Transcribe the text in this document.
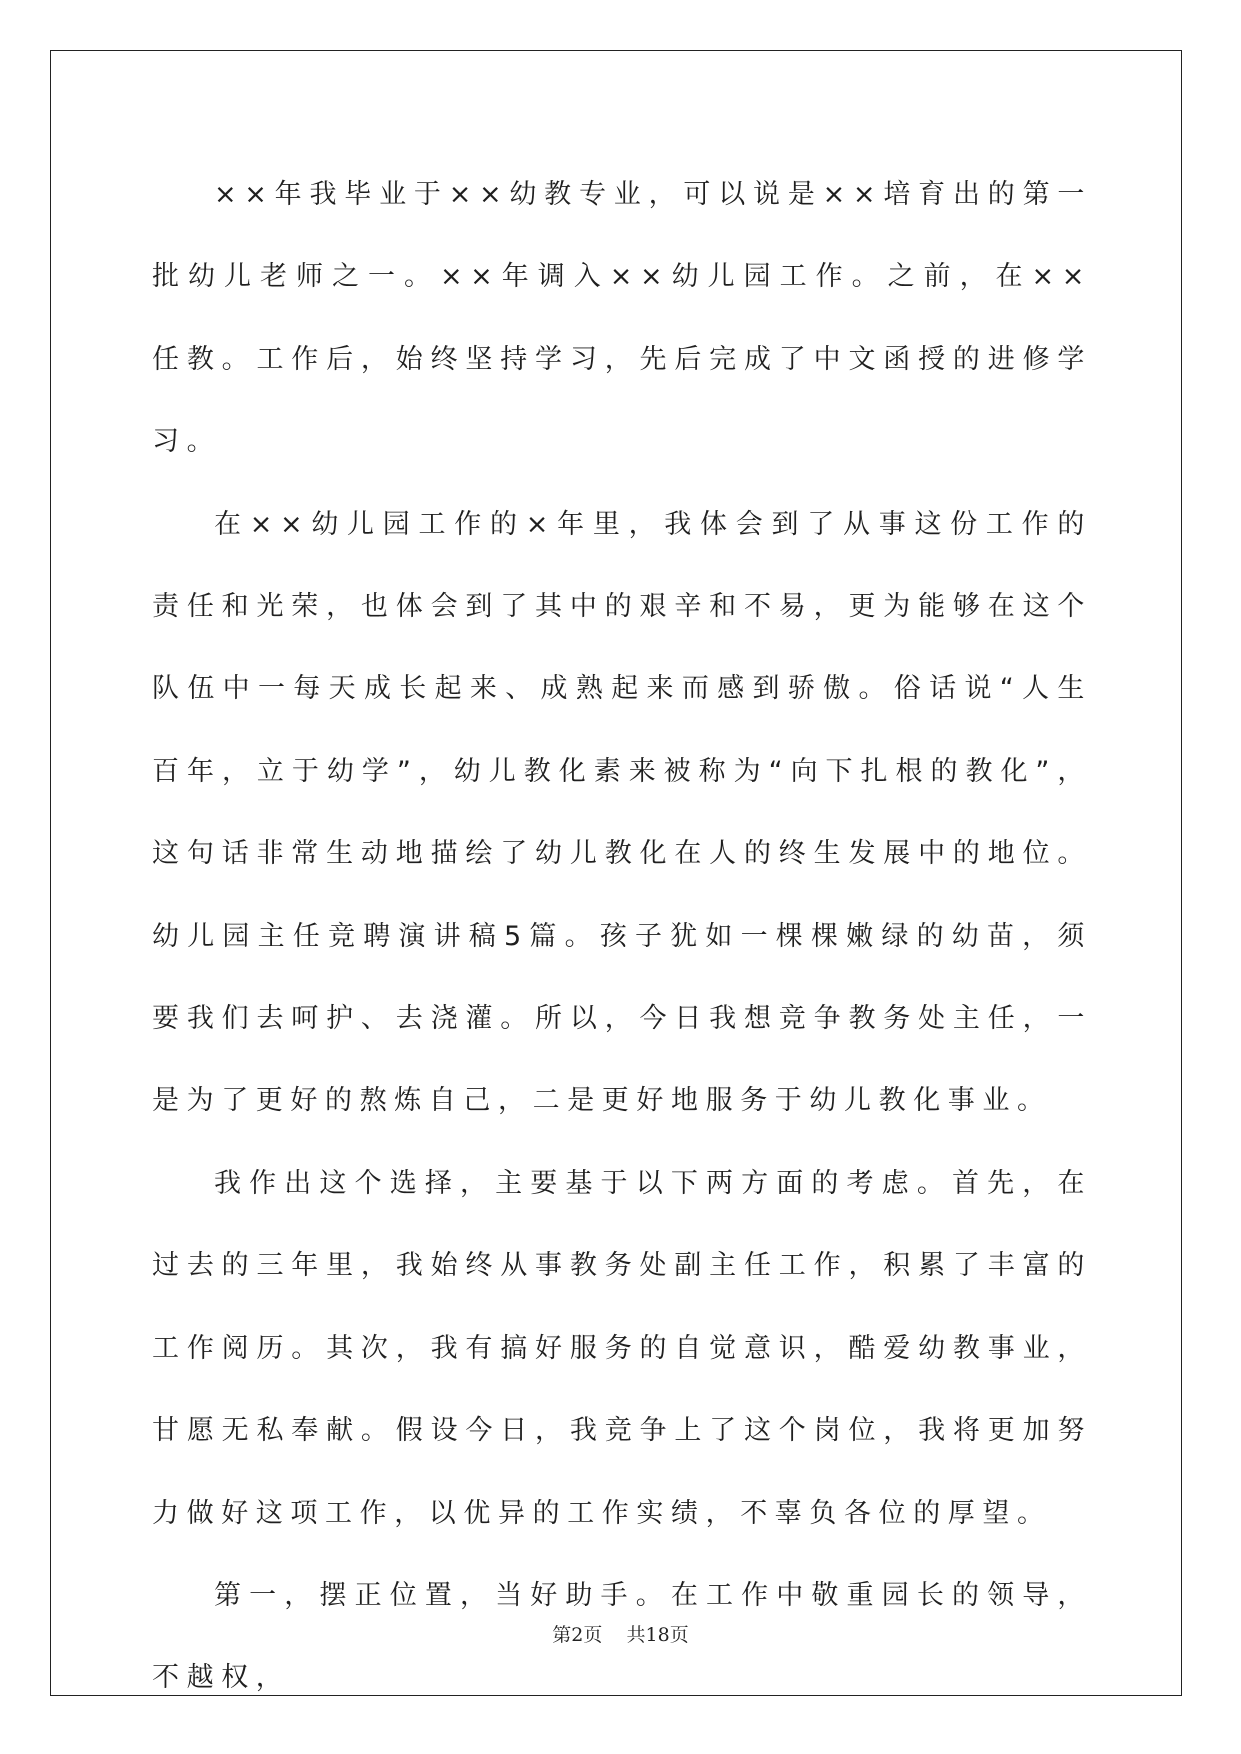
××年我毕业于××幼教专业，可以说是××培育出的第一批幼儿老师之一。××年调入××幼儿园工作。之前，在××任教。工作后，始终坚持学习，先后完成了中文函授的进修学习。

在××幼儿园工作的×年里，我体会到了从事这份工作的责任和光荣，也体会到了其中的艰辛和不易，更为能够在这个队伍中一每天成长起来、成熟起来而感到骄傲。俗话说“人生百年，立于幼学”，幼儿教化素来被称为“向下扎根的教化”，这句话非常生动地描绘了幼儿教化在人的终生发展中的地位。幼儿园主任竞聘演讲稿5篇。孩子犹如一棵棵嫩绿的幼苗，须要我们去呵护、去浇灌。所以，今日我想竞争教务处主任，一是为了更好的熬炼自己，二是更好地服务于幼儿教化事业。

我作出这个选择，主要基于以下两方面的考虑。首先，在过去的三年里，我始终从事教务处副主任工作，积累了丰富的工作阅历。其次，我有搞好服务的自觉意识，酷爱幼教事业，甘愿无私奉献。假设今日，我竞争上了这个岗位，我将更加努力做好这项工作，以优异的工作实绩，不辜负各位的厚望。

第一，摆正位置，当好助手。在工作中敬重园长的领导，不越权，

第2页 共18页
